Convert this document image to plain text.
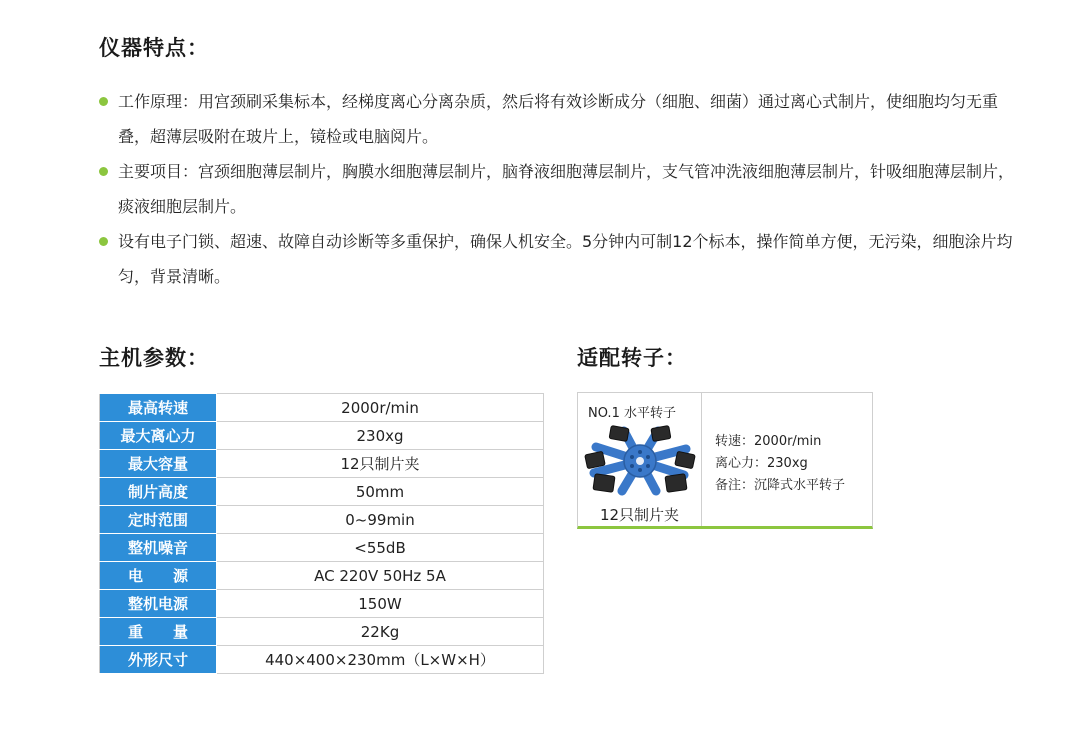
仪器特点：
工作原理：用宫颈刷采集标本，经梯度离心分离杂质，然后将有效诊断成分（细胞、细菌）通过离心式制片，使细胞均匀无重叠，超薄层吸附在玻片上，镜检或电脑阅片。
主要项目：宫颈细胞薄层制片，胸膜水细胞薄层制片，脑脊液细胞薄层制片，支气管冲洗液细胞薄层制片，针吸细胞薄层制片，痰液细胞层制片。
设有电子门锁、超速、故障自动诊断等多重保护，确保人机安全。5分钟内可制12个标本，操作简单方便，无污染，细胞涂片均匀，背景清晰。
主机参数：
最高转速	2000r/min
最大离心力	230xg
最大容量	12只制片夹
制片高度	50mm
定时范围	0~99min
整机噪音	<55dB
电　　源	AC 220V 50Hz 5A
整机电源	150W
重　　量	22Kg
外形尺寸	440×400×230mm（L×W×H）
适配转子：
NO.1 水平转子
12只制片夹
转速：2000r/min
离心力：230xg
备注：沉降式水平转子
